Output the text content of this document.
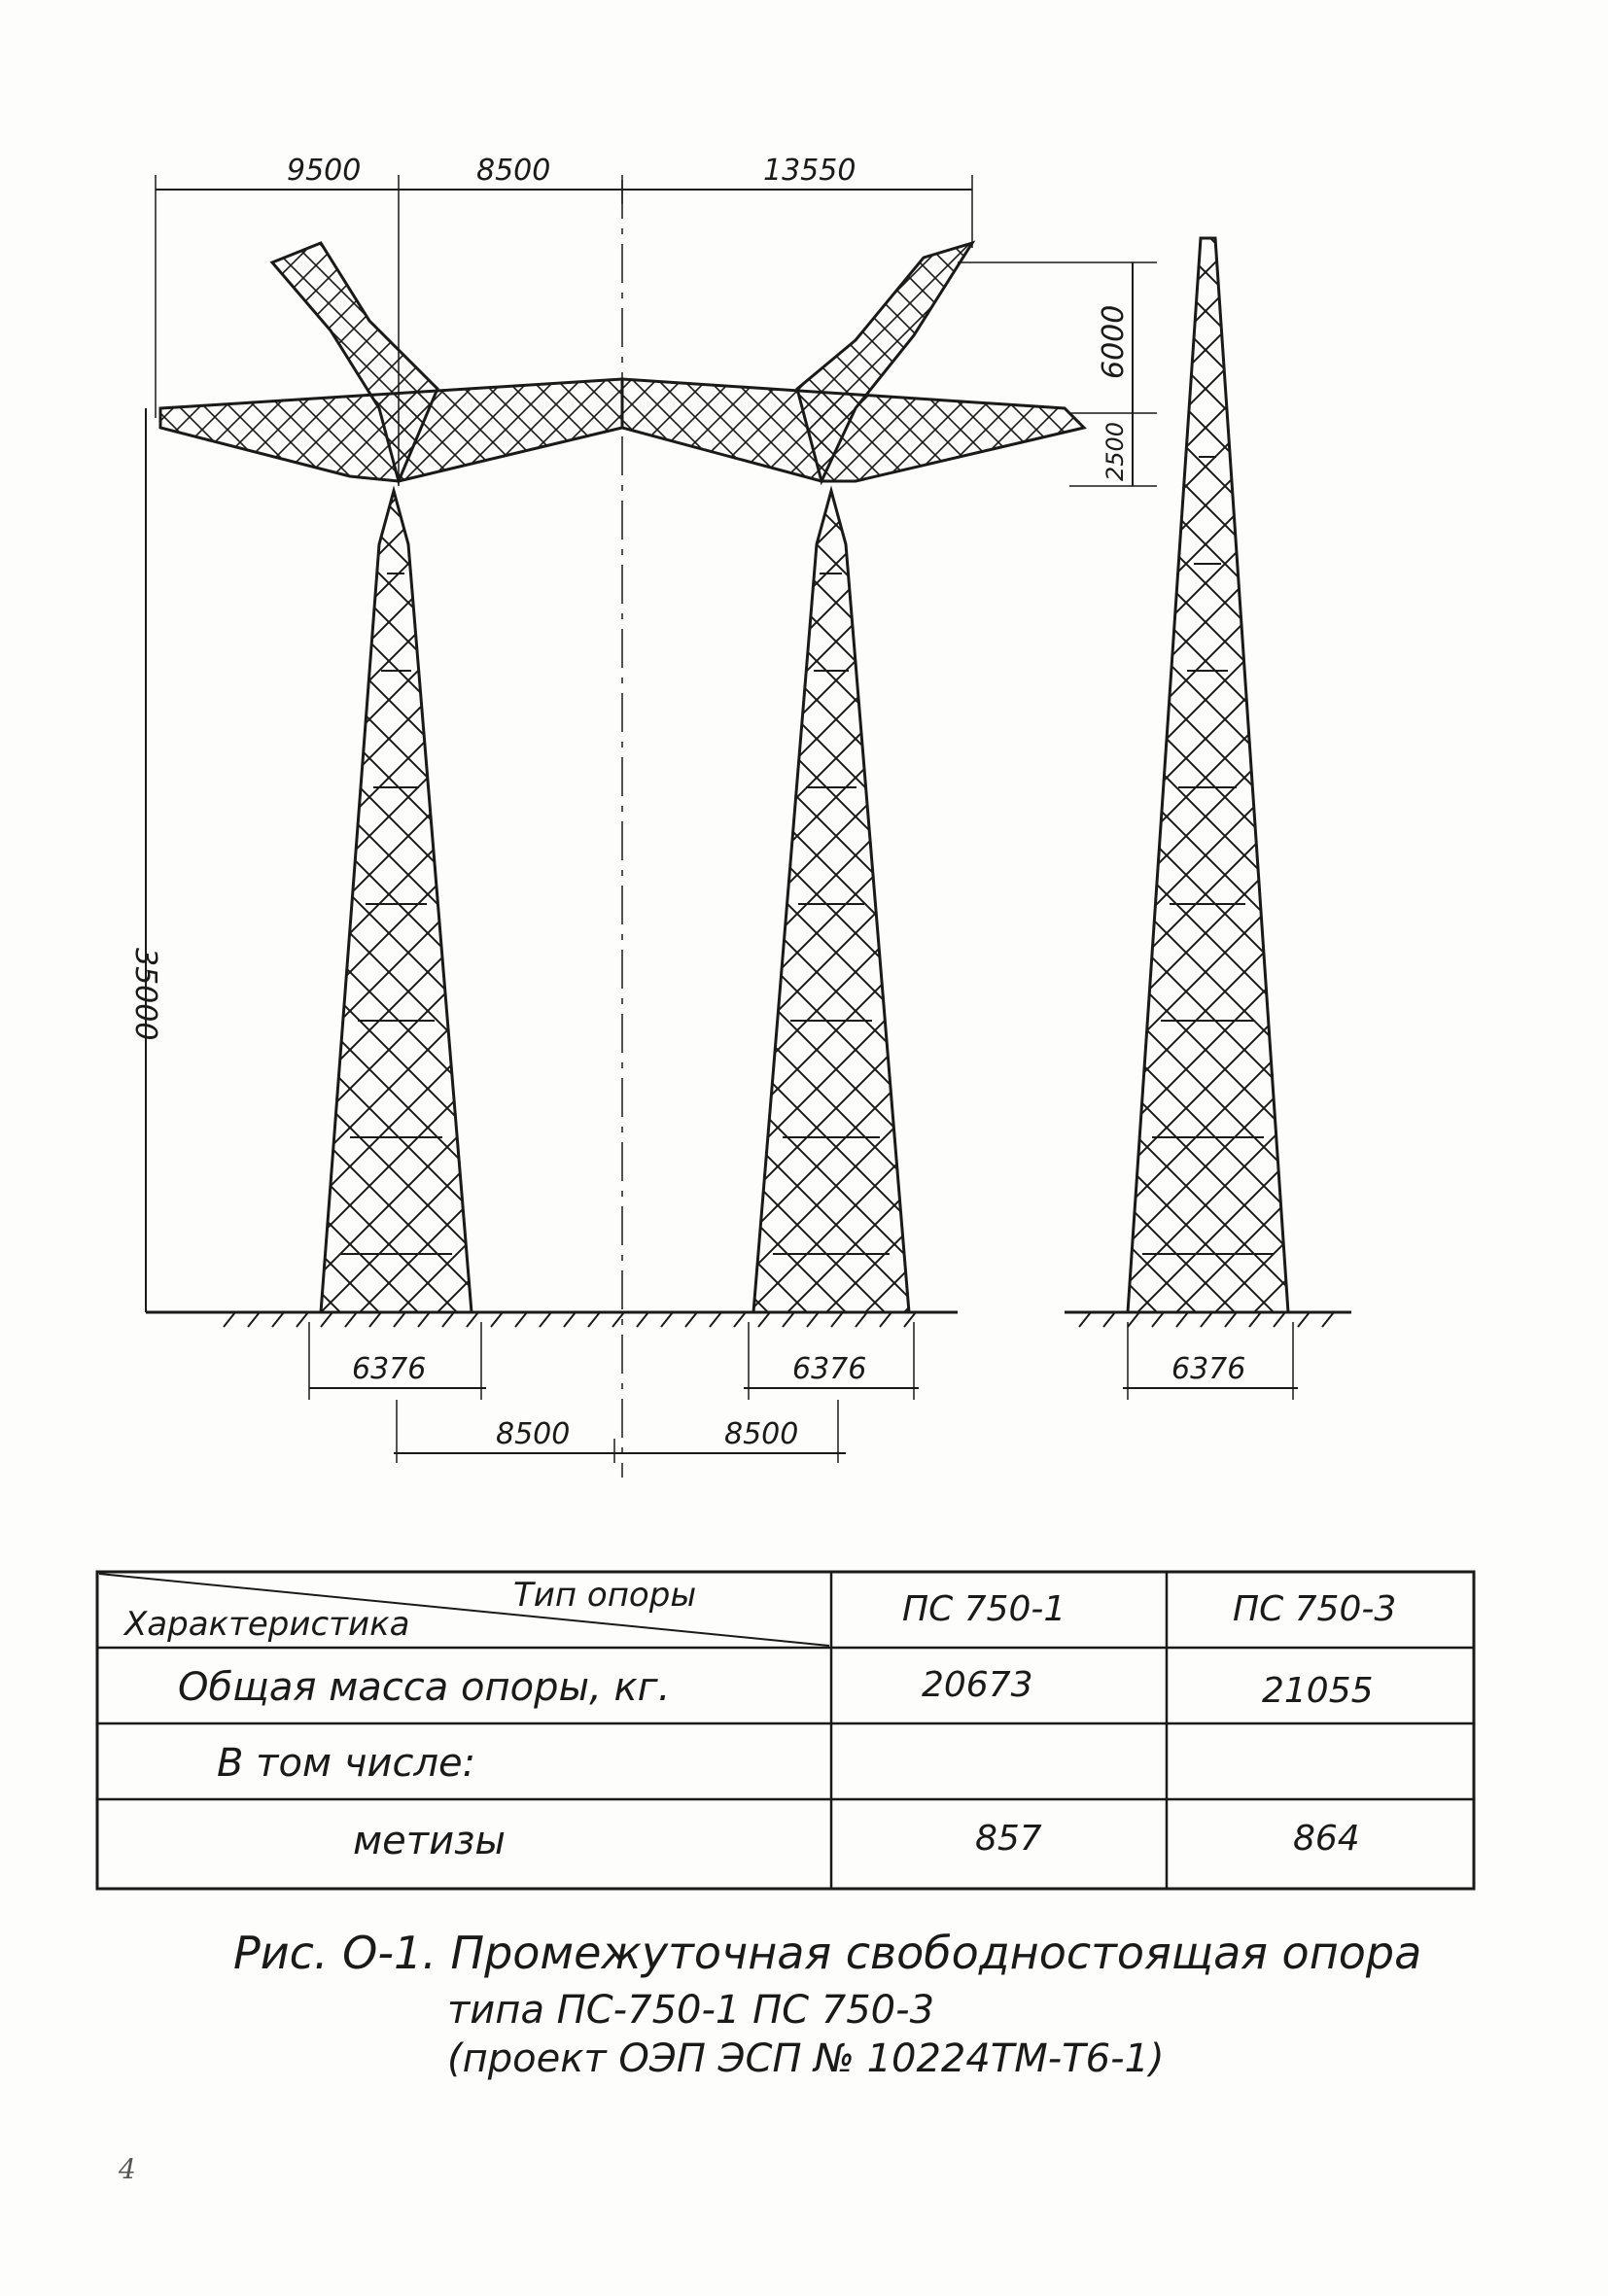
9500	8500	13550
6000
2500
35000
6376	6376	6376
8500	8500
Тип опоры
Характеристика	ПС 750-1	ПС 750-3
Общая масса опоры, кг.	20673	21055
В том числе:
метизы	857	864
Рис. О-1. Промежуточная свободностоящая опора
типа ПС-750-1 ПС 750-3
(проект ОЭП ЭСП № 10224ТМ-Т6-1)
4
